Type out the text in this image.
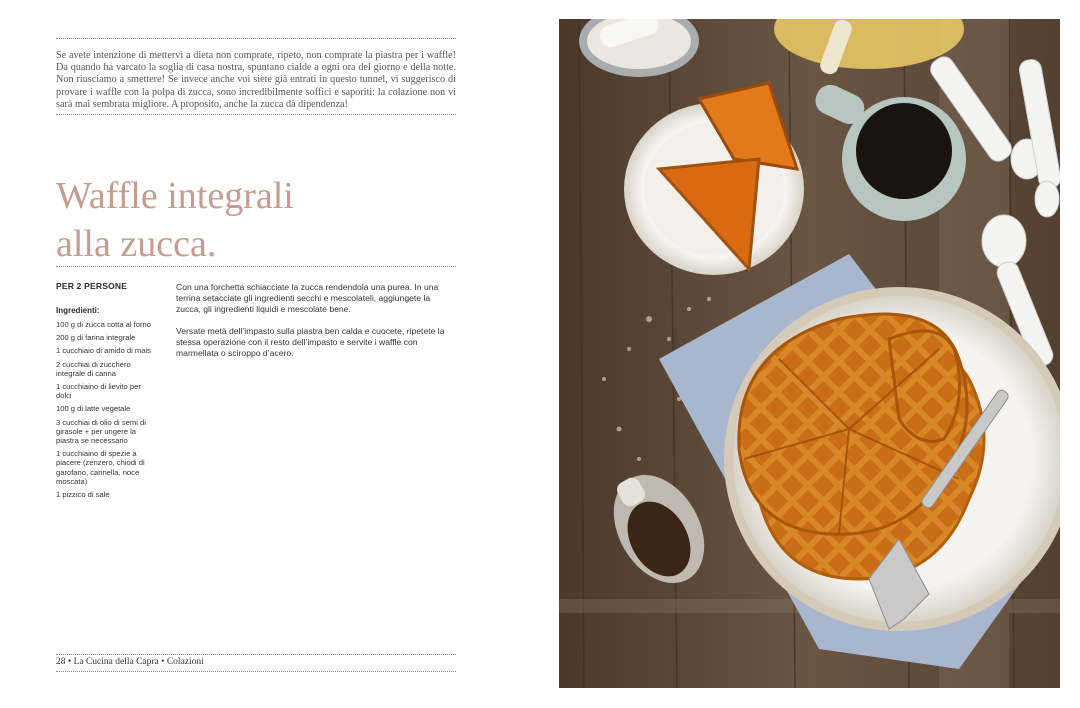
Se avete intenzione di mettervi a dieta non comprate, ripeto, non comprate la piastra per i waffle! Da quando ha varcato la soglia di casa nostra, spuntano cialde a ogni ora del giorno e della notte. Non riusciamo a smettere! Se invece anche voi siete già entrati in questo tunnel, vi suggerisco di provare i waffle con la polpa di zucca, sono incredibilmente soffici e saporiti: la colazione non vi sarà mai sembrata migliore. A proposito, anche la zucca dà dipendenza!

Waffle integrali
alla zucca.
PER 2 PERSONE
Ingredienti:
100 g di zucca cotta al forno
200 g di farina integrale
1 cucchiaio di amido di mais
2 cucchiai di zucchero integrale di canna
1 cucchiaino di lievito per dolci
100 g di latte vegetale
3 cucchiai di olio di semi di girasole + per ungere la piastra se necessario
1 cucchiaino di spezie a piacere (zenzero, chiodi di garofano, cannella, noce moscata)
1 pizzico di sale

Con una forchetta schiacciate la zucca rendendola una purea. In una terrina setacciate gli ingredienti secchi e mescolateli, aggiungete la zucca, gli ingredienti liquidi e mescolate bene.

Versate metà dell’impasto sulla piastra ben calda e cuocete, ripetete la stessa operazione con il resto dell’impasto e servite i waffle con marmellata o sciroppo d’acero.

28 • La Cucina della Capra • Colazioni
